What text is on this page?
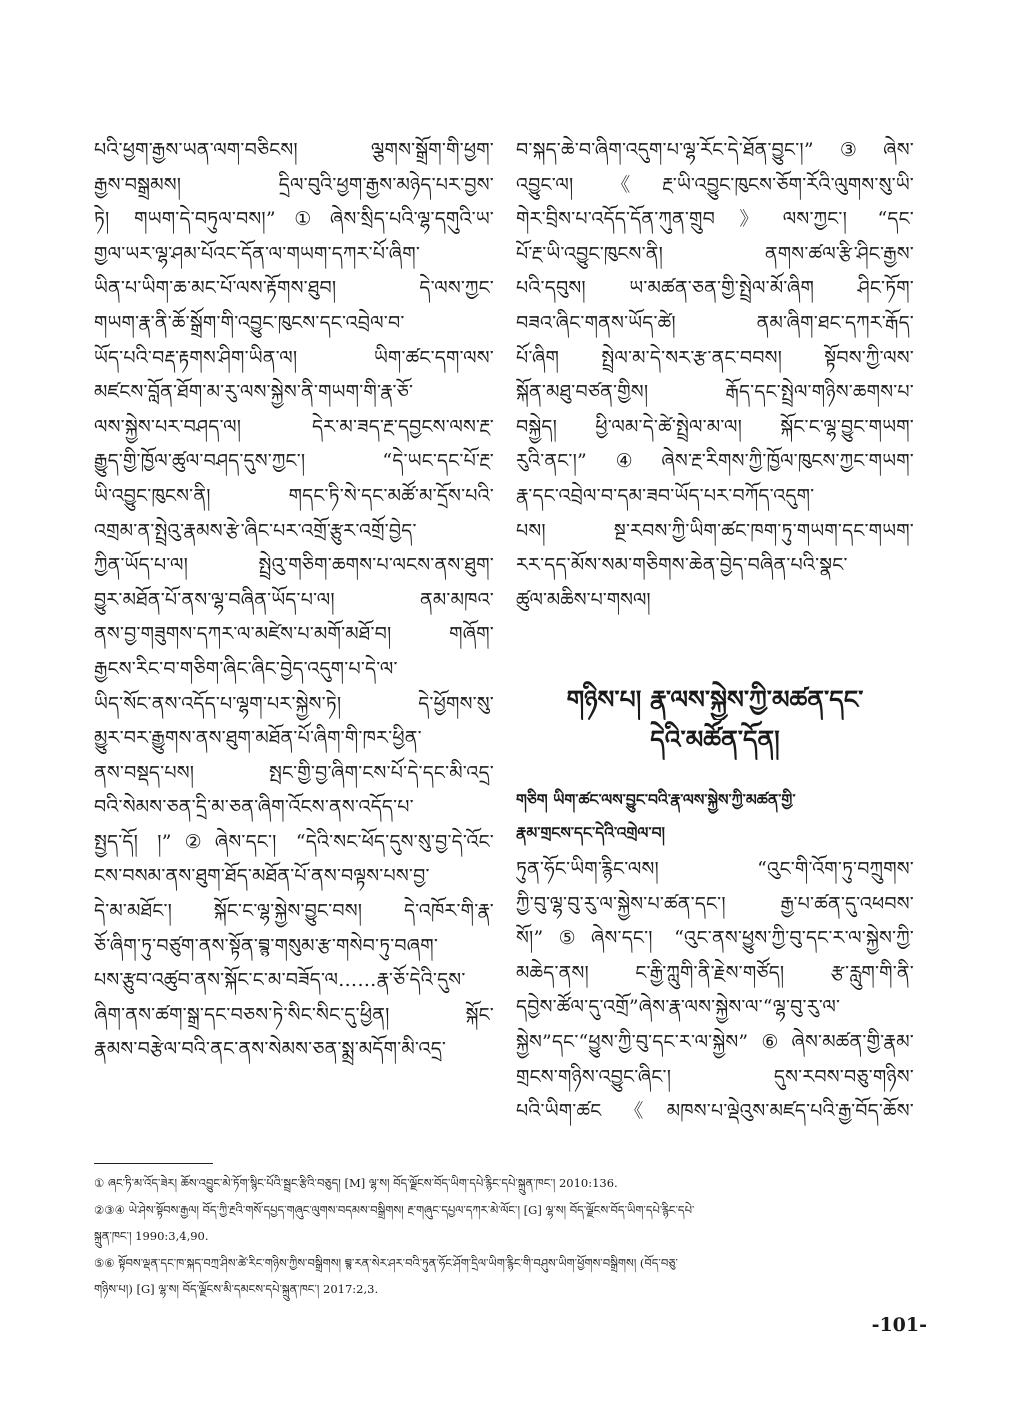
པའི་ཕྱག་རྒྱས་ཡན་ལག་བཅིངས། ལྕགས་སྒྲོག་གི་ཕྱག་
རྒྱས་བསྒྲམས། དྲིལ་བུའི་ཕྱག་རྒྱས་མཉེད་པར་བྱས་
ཏེ། གཡག་དེ་བཏུལ་བས།”①ཞེས་སྲིད་པའི་ལྷ་དགུའི་ཡ་
གྱལ་ཡར་ལྷ་ཤམ་པོའང་དོན་ལ་གཡག་དཀར་པོ་ཞིག་
ཡིན་པ་ཡིག་ཆ་མང་པོ་ལས་རྟོགས་ཐུབ། དེ་ལས་ཀྱང་
གཡག་རྣ་ནི་ཆོ་སྒྲོག་གི་འབྱུང་ཁུངས་དང་འབྲེལ་བ་
ཡོད་པའི་བརྡ་རྟགས་ཤིག་ཡིན་ལ། ཡིག་ཚང་དག་ལས་
མཛངས་བློན་ཐོག་མ་རུ་ལས་སྐྱེས་ནི་གཡག་གི་རྣ་ཅོ་
ལས་སྐྱེས་པར་བཤད་ལ། དེར་མ་ཟད་རྔ་དབྱངས་ལས་རྔ་
རྒྱུད་གྱི་ཁྱོལ་ཚུལ་བཤད་དུས་ཀྱང་། “དེ་ཡང་དང་པོ་རྔ་
ཡི་འབྱུང་ཁུངས་ནི། གདང་ཏི་སེ་དང་མཚོ་མ་དྲོས་པའི་
འགྲམ་ན་སྤྲེའུ་རྣམས་རྩེ་ཞིང་པར་འགྲོ་རྩུར་འགྲོ་བྱེད་
ཀྱིན་ཡོད་པ་ལ། སྤྲེའུ་གཅིག་ཆགས་པ་ལངས་ནས་ཐུག་
བྱུར་མཐོན་པོ་ནས་ལྷ་བཞིན་ཡོད་པ་ལ། ནམ་མཁའ་
ནས་བྱ་གཟུགས་དཀར་ལ་མཛེས་པ་མགོ་མཐོ་བ། གཞོག་
རྒྱངས་རིང་བ་གཅིག་ཞིང་ཞིང་བྱེད་འདུག་པ་དེ་ལ་
ཡིད་སོང་ནས་འདོད་པ་ལྷག་པར་སྐྱེས་ཏེ། དེ་ཕྱོགས་སུ་
མྱུར་བར་རྒྱུགས་ནས་ཐུག་མཐོན་པོ་ཞིག་གི་ཁར་ཕྱིན་
ནས་བསྡད་པས། སྤང་གྱི་བྱ་ཞིག་ངས་པོ་དེ་དང་མི་འདྲ་
བའི་སེམས་ཅན་དྲི་མ་ཅན་ཞིག་འོངས་ནས་འདོད་པ་
སྤྱད་དོ། །”②ཞེས་དང་། “དེའི་སང་ཕོད་དུས་སུ་བྱ་དེ་འོང་
ངས་བསམ་ནས་ཐུག་ཐོད་མཐོན་པོ་ནས་བལྟས་པས་བྱ་
དེ་མ་མཐོང་། སྐོང་ང་ལྷ་སྐྱེས་བྱུང་བས། དེ་འཁོར་གི་རྣ་
ཅོ་ཞིག་ཏུ་བཙུག་ནས་སྟོན་བྲྙ་གསུམ་རྩ་གསེབ་ཏུ་བཞག་
པས་རྩུབ་འཚུབ་ནས་སྐོང་ང་མ་བཟོད་ལ……རྣ་ཅོ་དེའི་དུས་
ཞིག་ནས་ཚག་སྒྲ་དང་བཅས་ཏེ་སིང་སིང་དུ་ཕྱིན། སྐོང་
རྣམས་བརྩེལ་བའི་ནང་ནས་སེམས་ཅན་སྨྲ་མདོག་མི་འདྲ་
བ་སྐད་ཆེ་བ་ཞིག་འདུག་པ་ལྷ་རོང་དེ་ཐོན་བྱུང་།”③ཞེས་
འབྱུང་ལ། 《རྔ་ཡི་འབྱུང་ཁུངས་ཅོག་རོའི་ལུགས་སུ་ཡི་
གེར་བྲིས་པ་འདོད་དོན་ཀུན་གྲུབ》ལས་ཀྱང་། “དང་
པོ་རྔ་ཡི་འབྱུང་ཁུངས་ནི། ནགས་ཚལ་རྩི་ཤིང་རྒྱས་
པའི་དབུས། ཡ་མཚན་ཅན་གྱི་སྤྲེལ་མོ་ཞིག ཤིང་ཏོག་
བཟའ་ཞིང་གནས་ཡོད་ཚེ། ནམ་ཞིག་ཐང་དཀར་རྒོད་
པོ་ཞིག སྤྲེལ་མ་དེ་སར་རྩ་ནང་བབས། སྟོབས་ཀྱི་ལས་
སྐོན་མཐུ་བཙན་གྱིས། རྒོད་དང་སྤྲེལ་གཉིས་ཆགས་པ་
བསྐྱེད། ཕྱི་ལམ་དེ་ཚེ་སྤྲེལ་མ་ལ། སྐོང་ང་ལྷ་བྱུང་གཡག་
རུའི་ནང་།”④ཞེས་རྔ་རིགས་ཀྱི་ཁྱོལ་ཁུངས་ཀྱང་གཡག་
རྣ་དང་འབྲེལ་བ་དམ་ཟབ་ཡོད་པར་བཀོད་འདུག་
པས། སྔ་རབས་ཀྱི་ཡིག་ཚང་ཁག་ཏུ་གཡག་དང་གཡག་
རར་དད་མོས་སམ་གཅིགས་ཆེན་བྱེད་བཞིན་པའི་སྣང་
ཚུལ་མཆིས་པ་གསལ།
གཉིས་པ། རྣ་ལས་སྐྱེས་ཀྱི་མཚན་དང་
དེའི་མཚོན་དོན།
གཅིག ཡིག་ཚང་ལས་བྱུང་བའི་རྣ་ལས་སྐྱེས་ཀྱི་མཚན་གྱི་
རྣམ་གྲངས་དང་དེའི་འགྲེལ་བ།
ཏུན་ཧོང་ཡིག་རྙིང་ལས། “འུང་གི་འོག་ཏུ་བཀྲུགས་
ཀྱི་བུ་ལྷ་བུ་རུ་ལ་སྐྱེས་པ་ཚན་དང་། རྒྱ་པ་ཚན་དུ་འཕབས་
སོ།”⑤ཞེས་དང་། “འུང་ནས་ཕྱུས་ཀྱི་བུ་དང་ར་ལ་སྐྱེས་ཀྱི་
མཆེད་ནས། ང་རྒྱི་ཀླུགི་ནི་རྗེས་གཙོད། རྩ་རླུག་གི་ནི་
དབྱེས་ཚོལ་དུ་འགྲོ”ཞེས་རྣ་ལས་སྐྱེས་ལ་“ལྷ་བུ་རུ་ལ་
སྐྱེས”དང་“ཕྱུས་ཀྱི་བུ་དང་ར་ལ་སྐྱེས”⑥ཞེས་མཚན་གྱི་རྣམ་
གྲངས་གཉིས་འབྱུང་ཞིང་། དུས་རབས་བཅུ་གཉིས་
པའི་ཡིག་ཚང《མཁས་པ་ལྡེའུས་མཛད་པའི་རྒྱ་བོད་ཆོས་
① ཞང་ཏི་མ་འོད་ཟེར། ཆོས་འབྱུང་མེ་ཏོག་སྙིང་པོའི་སྦྲང་རྩིའི་བཅུད། [M] ལྷ་ས། བོད་ལྗོངས་བོད་ཡིག་དཔེ་རྙིང་དཔེ་སྐྲུན་ཁང་། 2010:136.
②③④ ཡེ་ཤེས་སྟོབས་རྒྱལ། བོད་ཀྱི་རྔའི་གསོ་དཔྱད་གཞུང་ལུགས་བདམས་བསྒྲིགས། རྔ་གཞུང་དཔྱལ་དཀར་མེ་ལོང་། [G] ལྷ་ས། བོད་ལྗོངས་བོད་ཡིག་དཔེ་རྙིང་དཔེ་
སྐྲུན་ཁང་། 1990:3,4,90.
⑤⑥ སྟོབས་ལྡན་དང་ཁ་སྐད་བཀྲ་ཤིས་ཚེ་རིང་གཉིས་ཀྱིས་བསྒྲིགས། བྲྙ་རན་སེར་ཤར་བའི་ཏུན་ཧོང་ཤོག་དྲིལ་ཡིག་རྙིང་གི་བཤུས་ཡིག་ཕྱོགས་བསྒྲིགས། (བོད་བཅུ་
གཉིས་པ།) [G] ལྷ་ས། བོད་ལྗོངས་མི་དམངས་དཔེ་སྐྲུན་ཁང་། 2017:2,3.
-101-
